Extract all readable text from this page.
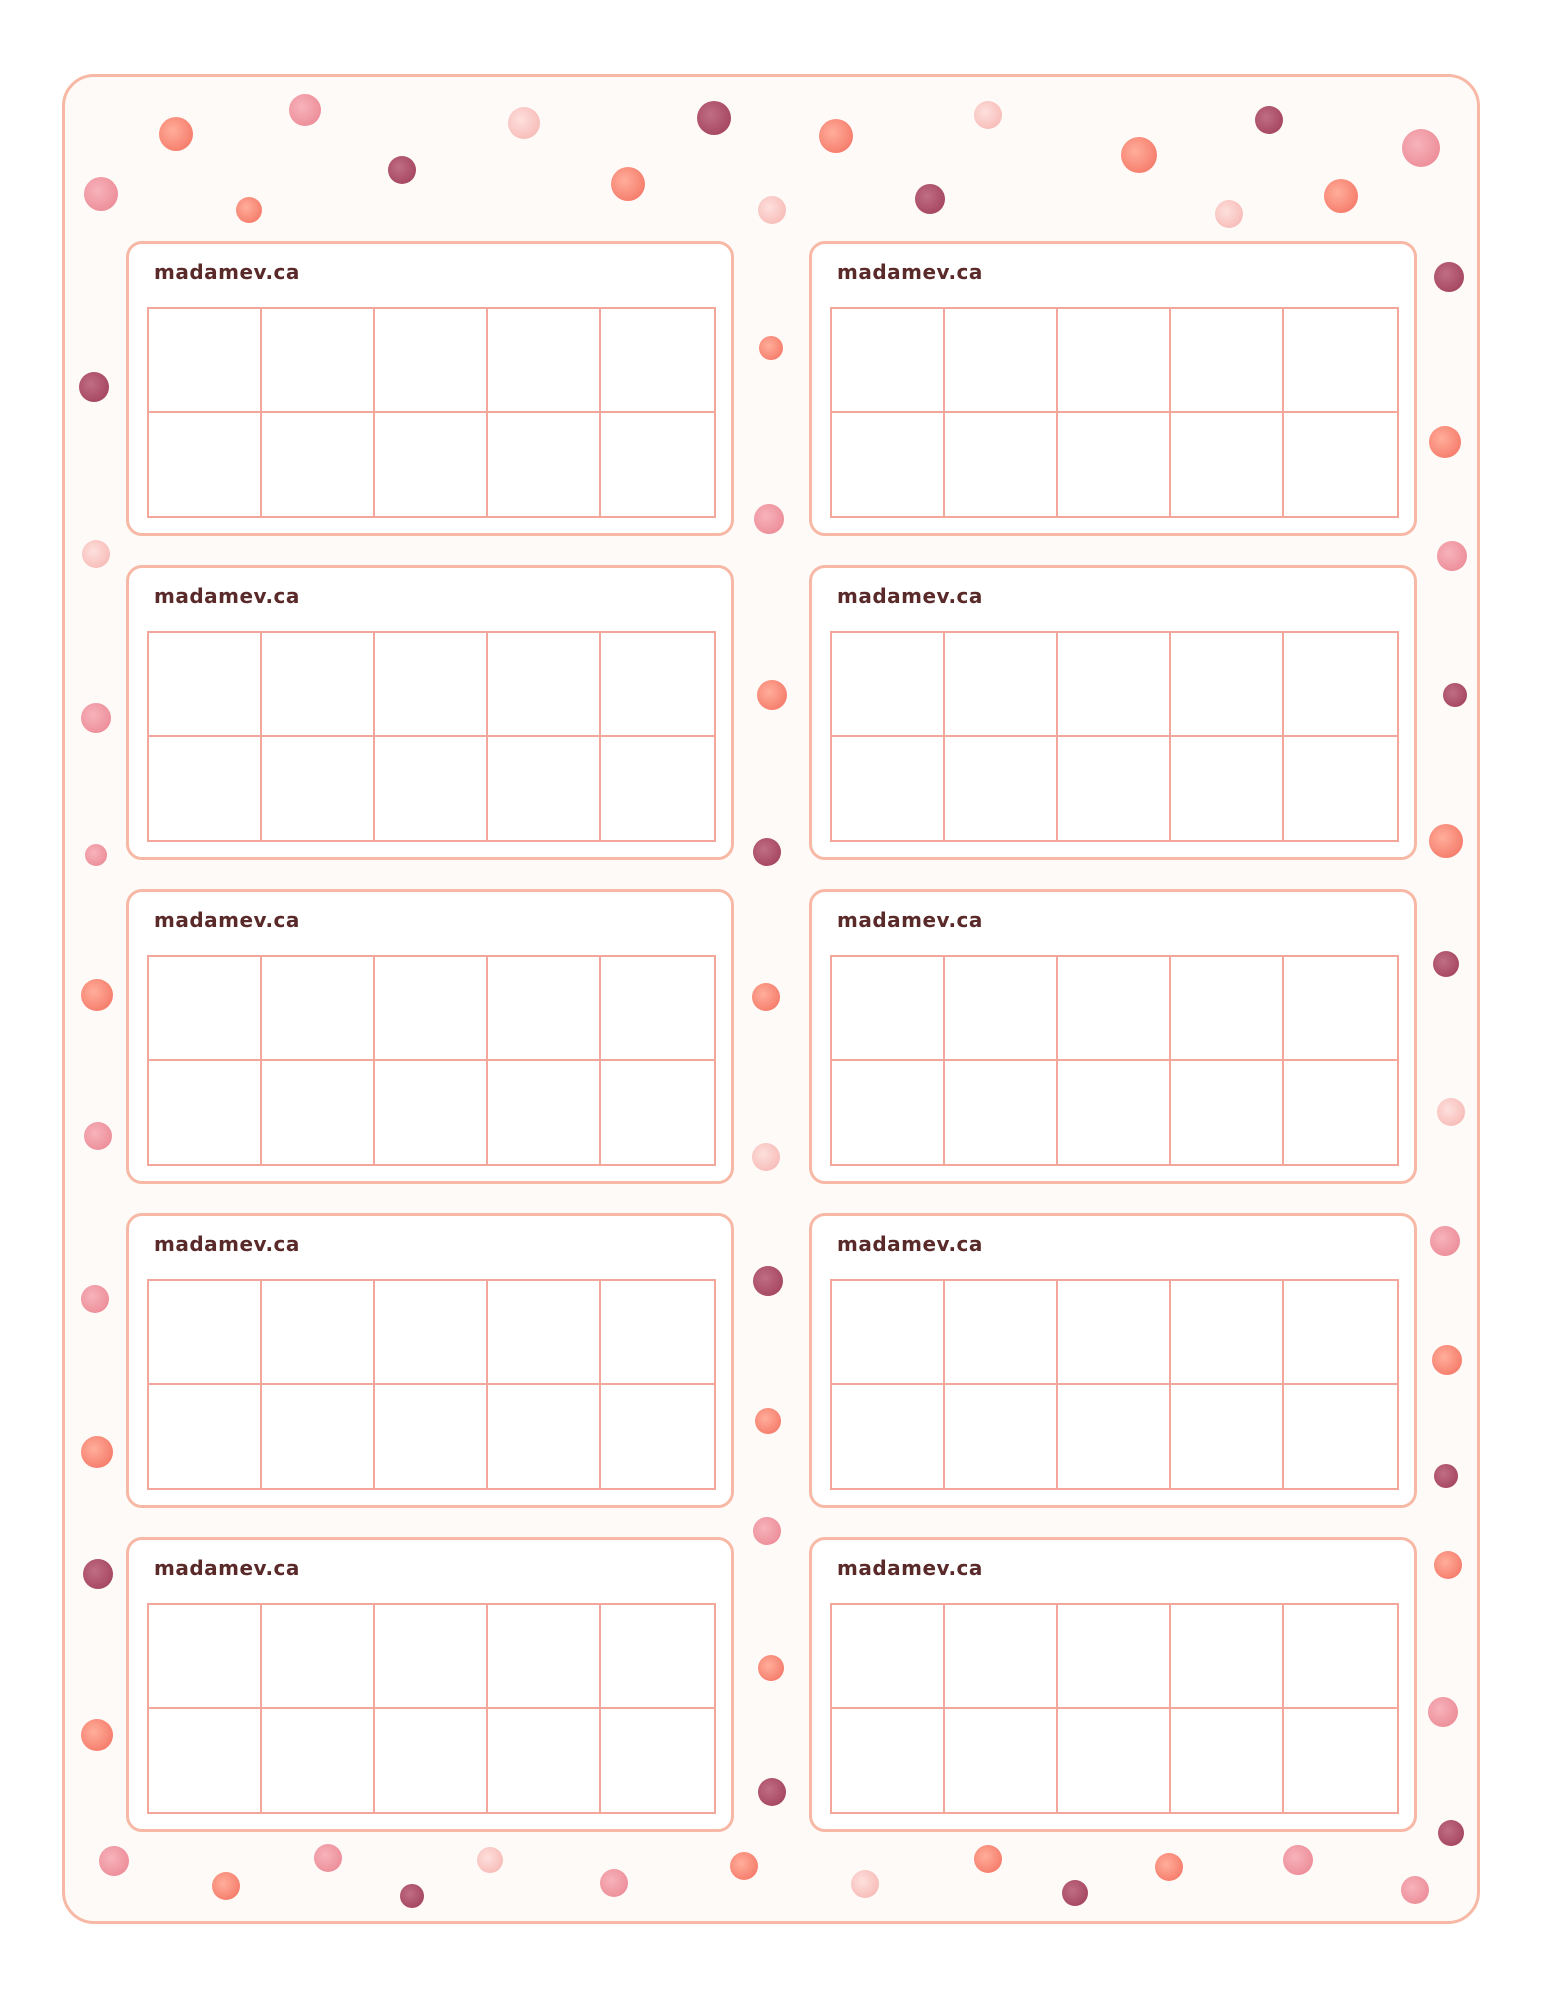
madamev.ca	madamev.ca
madamev.ca	madamev.ca
madamev.ca	madamev.ca
madamev.ca	madamev.ca
madamev.ca	madamev.ca
